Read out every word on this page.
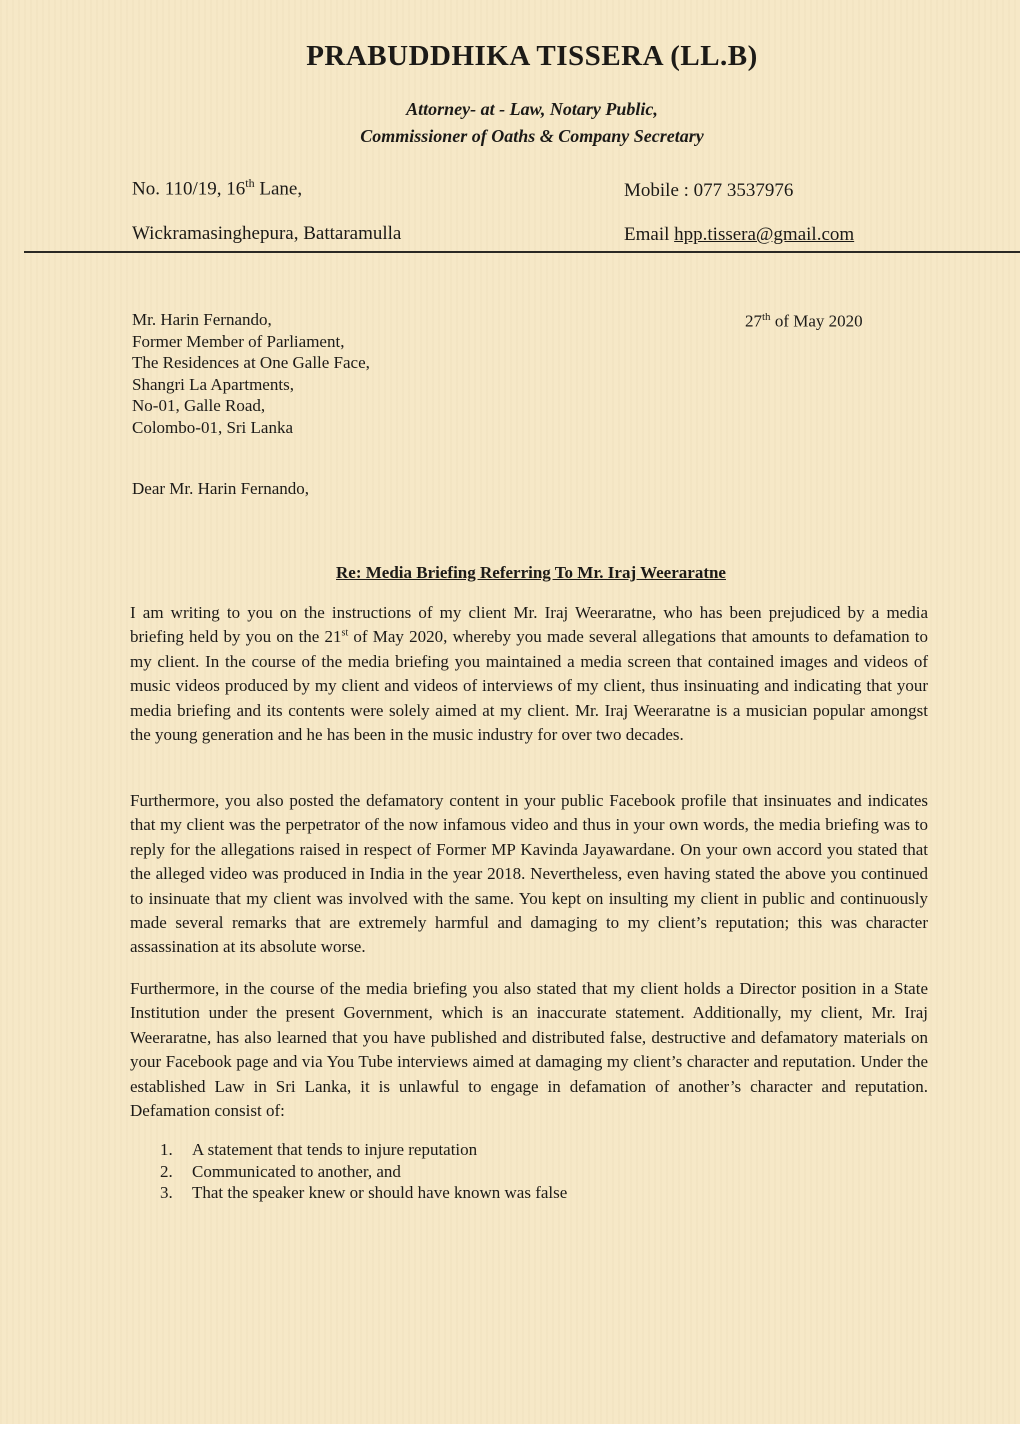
PRABUDDHIKA TISSERA (LL.B)
Attorney- at - Law, Notary Public,
Commissioner of Oaths & Company Secretary
No. 110/19, 16th Lane,
Wickramasinghepura, Battaramulla
Mobile : 077 3537976
Email hpp.tissera@gmail.com
Mr. Harin Fernando,
Former Member of Parliament,
The Residences at One Galle Face,
Shangri La Apartments,
No-01, Galle Road,
Colombo-01, Sri Lanka
27th of May 2020
Dear Mr. Harin Fernando,
Re: Media Briefing Referring To Mr. Iraj Weeraratne
I am writing to you on the instructions of my client Mr. Iraj Weeraratne, who has been prejudiced by a media briefing held by you on the 21st of May 2020, whereby you made several allegations that amounts to defamation to my client. In the course of the media briefing you maintained a media screen that contained images and videos of music videos produced by my client and videos of interviews of my client, thus insinuating and indicating that your media briefing and its contents were solely aimed at my client. Mr. Iraj Weeraratne is a musician popular amongst the young generation and he has been in the music industry for over two decades.
Furthermore, you also posted the defamatory content in your public Facebook profile that insinuates and indicates that my client was the perpetrator of the now infamous video and thus in your own words, the media briefing was to reply for the allegations raised in respect of Former MP Kavinda Jayawardane. On your own accord you stated that the alleged video was produced in India in the year 2018. Nevertheless, even having stated the above you continued to insinuate that my client was involved with the same. You kept on insulting my client in public and continuously made several remarks that are extremely harmful and damaging to my client’s reputation; this was character assassination at its absolute worse.
Furthermore, in the course of the media briefing you also stated that my client holds a Director position in a State Institution under the present Government, which is an inaccurate statement. Additionally, my client, Mr. Iraj Weeraratne, has also learned that you have published and distributed false, destructive and defamatory materials on your Facebook page and via You Tube interviews aimed at damaging my client’s character and reputation. Under the established Law in Sri Lanka, it is unlawful to engage in defamation of another’s character and reputation. Defamation consist of:
1.	A statement that tends to injure reputation
2.	Communicated to another, and
3.	That the speaker knew or should have known was false
